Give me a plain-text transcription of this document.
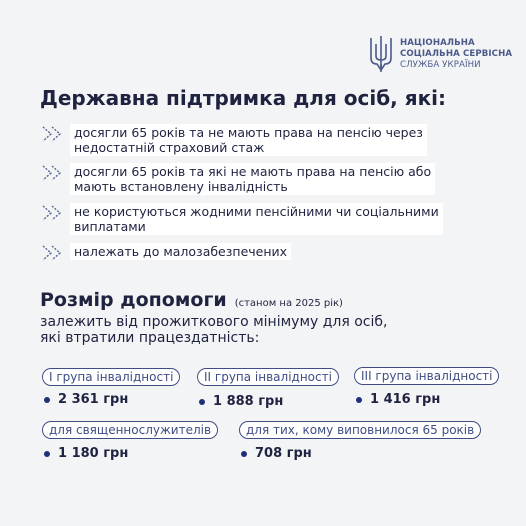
НАЦІОНАЛЬНА
СОЦІАЛЬНА СЕРВІСНА
СЛУЖБА УКРАЇНИ
Державна підтримка для осіб, які:
досягли 65 років та не мають права на пенсію через
недостатній страховий стаж
досягли 65 років та які не мають права на пенсію або
мають встановлену інвалідність
не користуються жодними пенсійними чи соціальними
виплатами
належать до малозабезпечених
Розмір допомоги (станом на 2025 рік)
залежить від прожиткового мінімуму для осіб,
які втратили працездатність:
І група інвалідності
2 361 грн
ІІ група інвалідності
1 888 грн
ІІІ група інвалідності
1 416 грн
для священнослужителів
1 180 грн
для тих, кому виповнилося 65 років
708 грн
